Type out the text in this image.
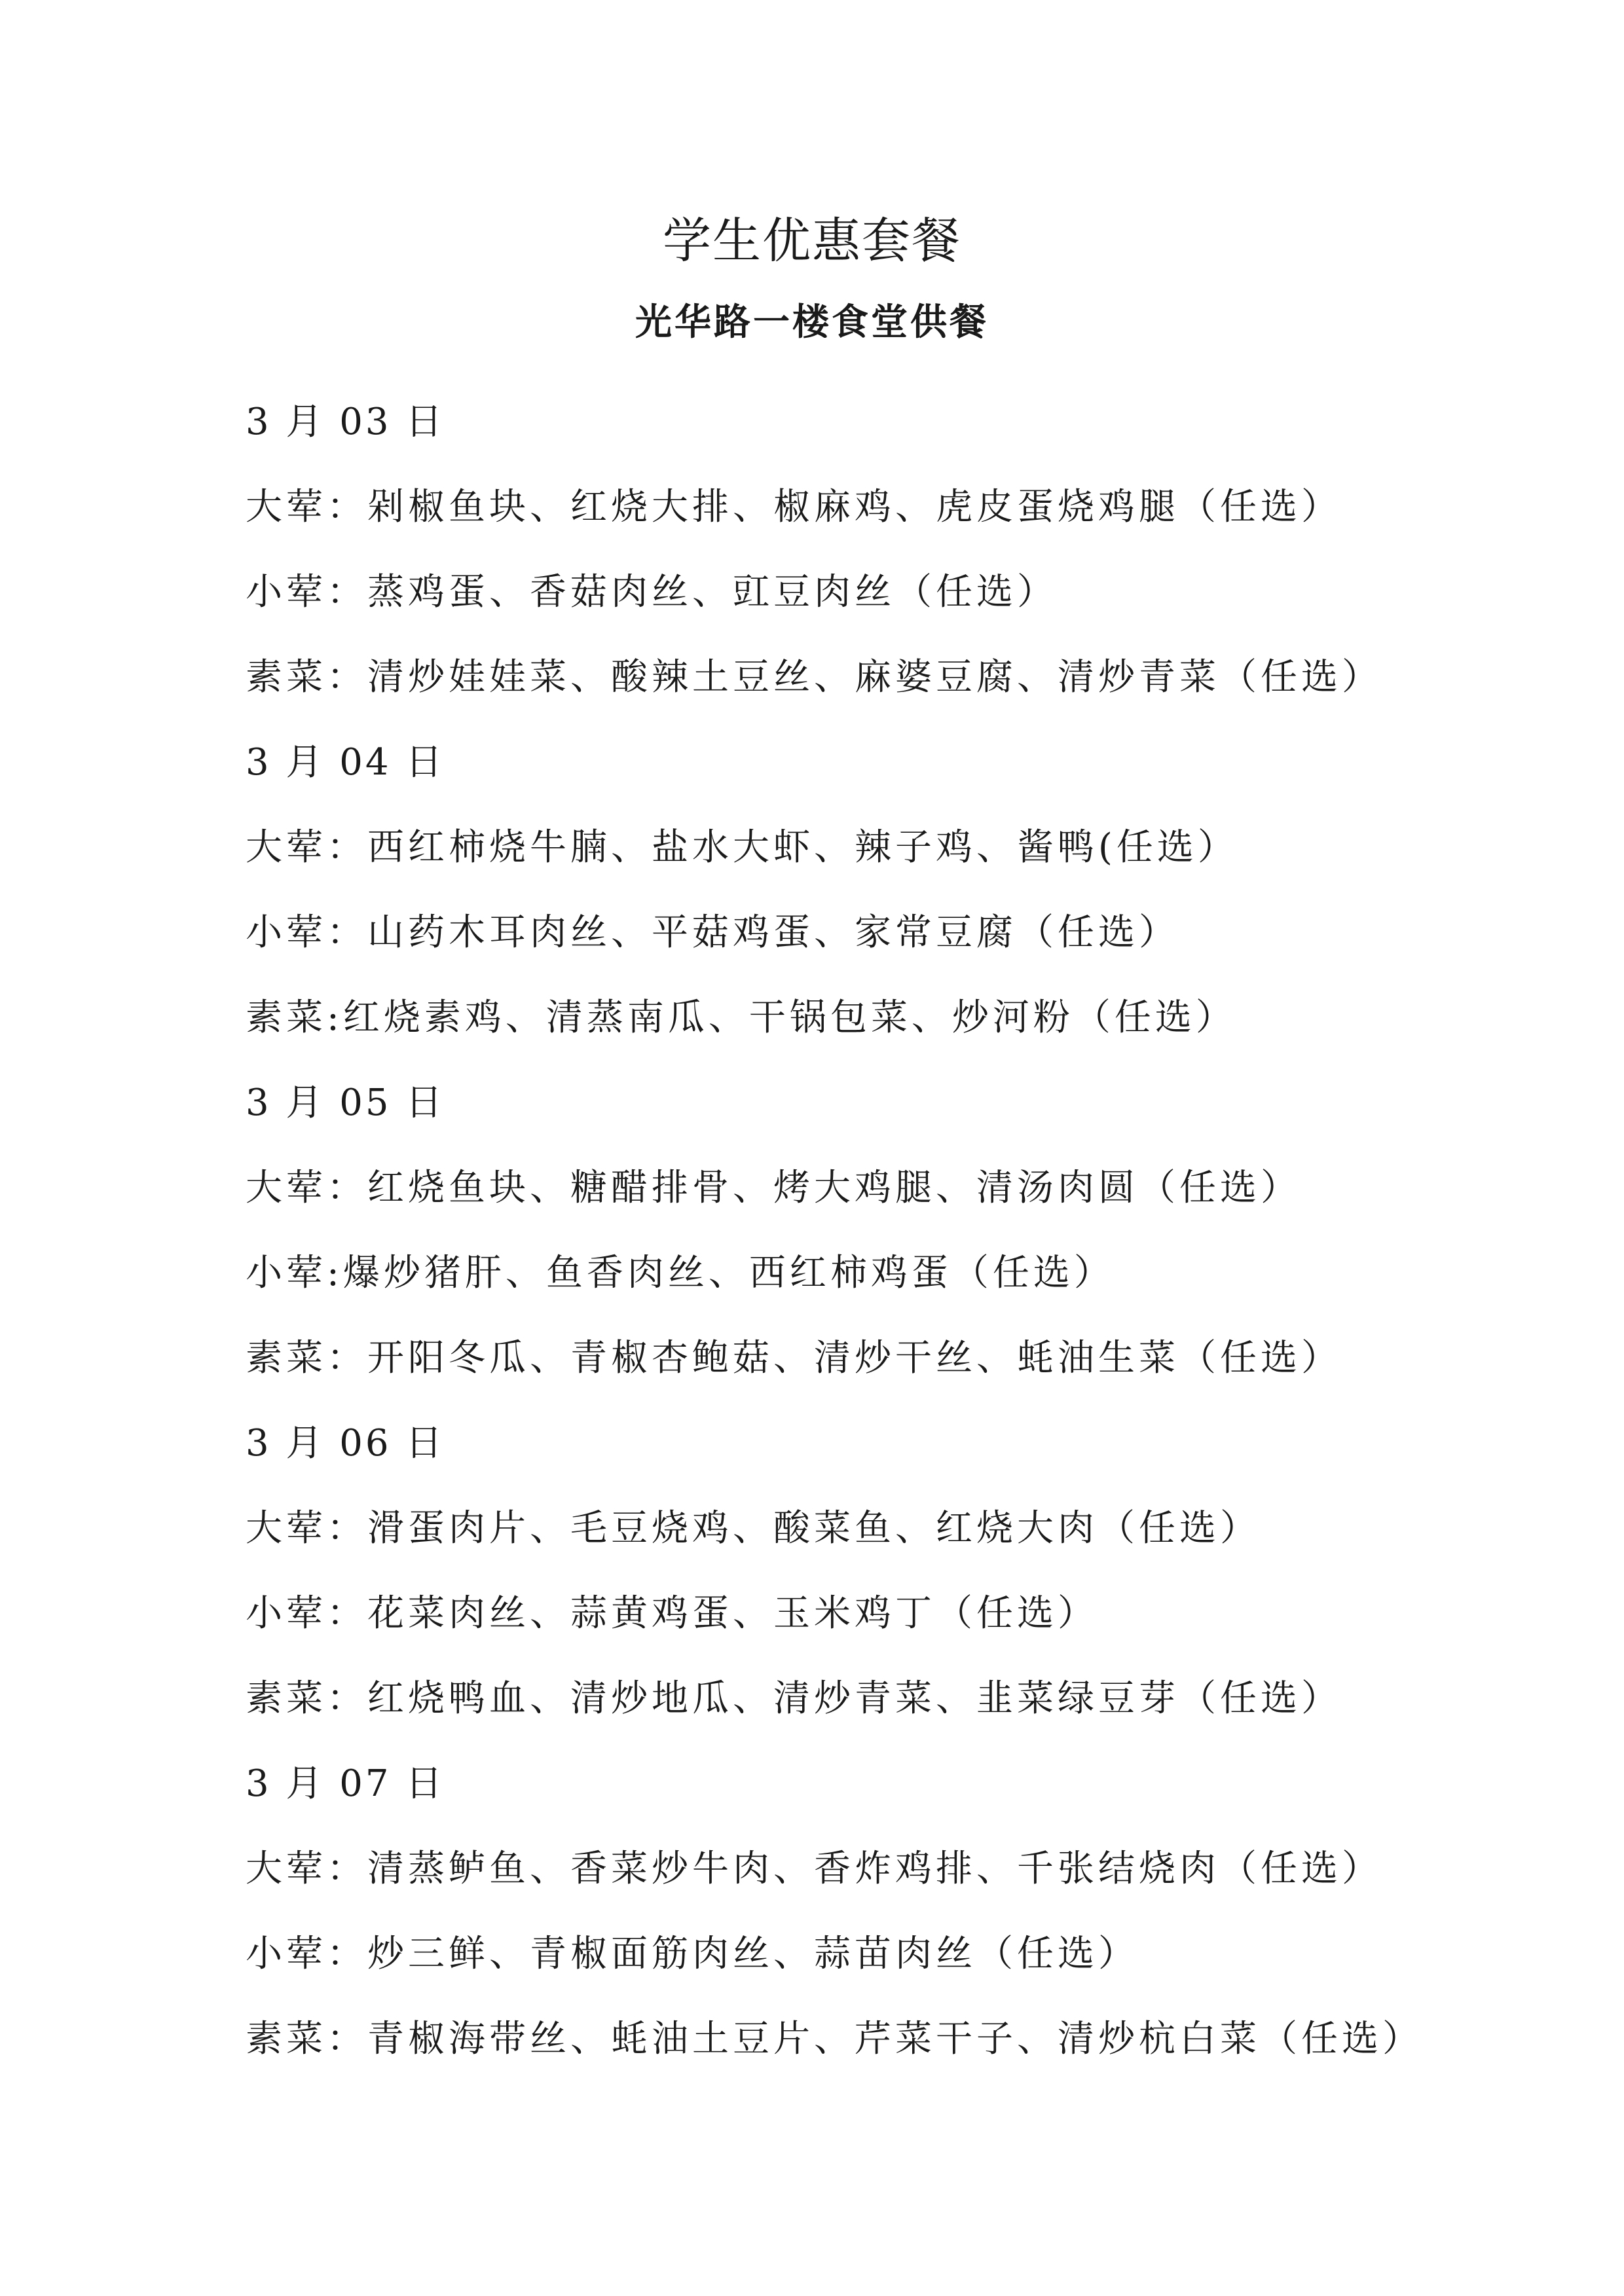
学生优惠套餐
光华路一楼食堂供餐
3 月 03 日
大荤：剁椒鱼块、红烧大排、椒麻鸡、虎皮蛋烧鸡腿（任选）
小荤：蒸鸡蛋、香菇肉丝、豇豆肉丝（任选）
素菜：清炒娃娃菜、酸辣土豆丝、麻婆豆腐、清炒青菜（任选）
3 月 04 日
大荤：西红柿烧牛腩、盐水大虾、辣子鸡、酱鸭(任选）
小荤：山药木耳肉丝、平菇鸡蛋、家常豆腐（任选）
素菜:红烧素鸡、清蒸南瓜、干锅包菜、炒河粉（任选）
3 月 05 日
大荤：红烧鱼块、糖醋排骨、烤大鸡腿、清汤肉圆（任选）
小荤:爆炒猪肝、鱼香肉丝、西红柿鸡蛋（任选）
素菜：开阳冬瓜、青椒杏鲍菇、清炒干丝、蚝油生菜（任选）
3 月 06 日
大荤：滑蛋肉片、毛豆烧鸡、酸菜鱼、红烧大肉（任选）
小荤：花菜肉丝、蒜黄鸡蛋、玉米鸡丁（任选）
素菜：红烧鸭血、清炒地瓜、清炒青菜、韭菜绿豆芽（任选）
3 月 07 日
大荤：清蒸鲈鱼、香菜炒牛肉、香炸鸡排、千张结烧肉（任选）
小荤：炒三鲜、青椒面筋肉丝、蒜苗肉丝（任选）
素菜：青椒海带丝、蚝油土豆片、芹菜干子、清炒杭白菜（任选）
